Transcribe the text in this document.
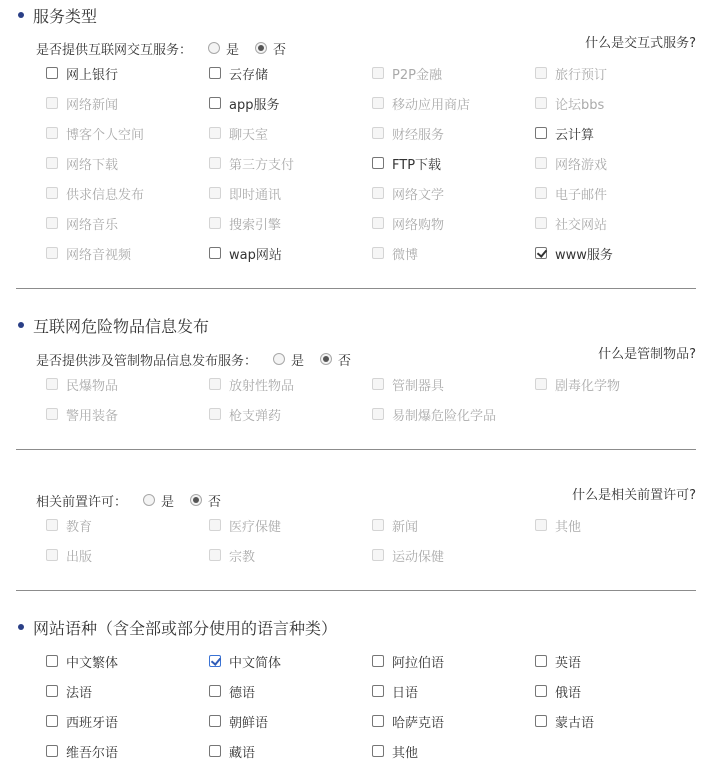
服务类型
什么是交互式服务?
是否提供互联网交互服务：	是	否
网上银行	云存储	P2P金融	旅行预订
网络新闻	app服务	移动应用商店	论坛bbs
博客个人空间	聊天室	财经服务	云计算
网络下载	第三方支付	FTP下载	网络游戏
供求信息发布	即时通讯	网络文学	电子邮件
网络音乐	搜索引擎	网络购物	社交网站
网络音视频	wap网站	微博	www服务
互联网危险物品信息发布
什么是管制物品?
是否提供涉及管制物品信息发布服务：	是	否
民爆物品	放射性物品	管制器具	剧毒化学物
警用装备	枪支弹药	易制爆危险化学品
什么是相关前置许可?
相关前置许可：	是	否
教育	医疗保健	新闻	其他
出版	宗教	运动保健
网站语种（含全部或部分使用的语言种类）
中文繁体	中文简体	阿拉伯语	英语
法语	德语	日语	俄语
西班牙语	朝鲜语	哈萨克语	蒙古语
维吾尔语	藏语	其他
